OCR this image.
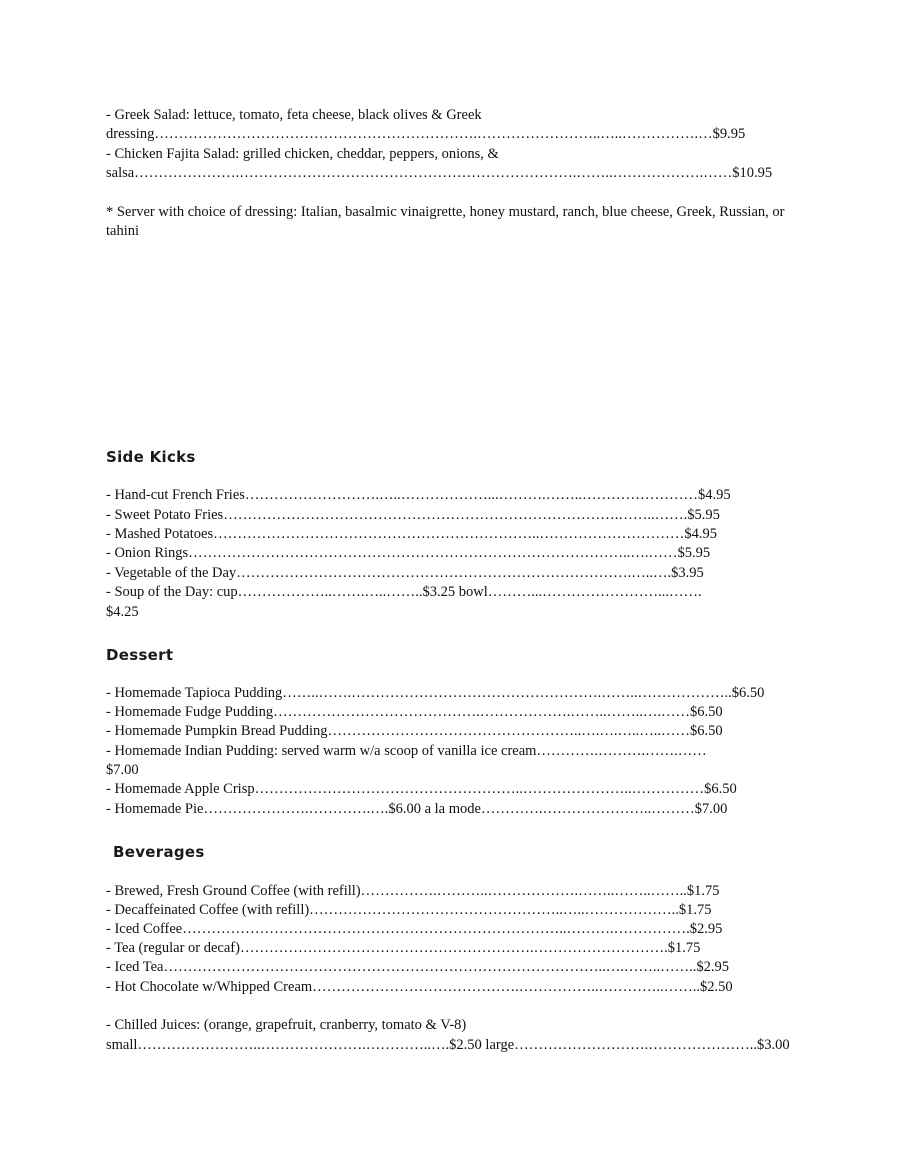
- Greek Salad: lettuce, tomato, feta cheese, black olives & Greek
dressing………………………………………………………….……………………..…..…………….…$9.95
- Chicken Fajita Salad: grilled chicken, cheddar, peppers, onions, &
salsa………………….…………………………………………………………….……..……………….……$10.95
* Server with choice of dressing: Italian, basalmic vinaigrette, honey mustard, ranch, blue cheese, Greek, Russian, or tahini
Side Kicks
- Hand-cut French Fries……………………….…..………………...……….……..……………………$4.95
- Sweet Potato Fries……………………………………………………………………….……..…….$5.95
- Mashed Potatoes…………………………………………………………..…………………………$4.95
- Onion Rings………………………………………………………………………………..….……$5.95
- Vegetable of the Day……………………………………………………………………….…..….$3.95
- Soup of the Day: cup………………..…….…..……..$3.25 bowl………...……………………...…….
$4.25
Dessert
- Homemade Tapioca Pudding……..…….…………………………………………….……..………………..$6.50
- Homemade Fudge Pudding…………………………………….……………….……..……..….……$6.50
- Homemade Pumpkin Bread Pudding……………………………………………..….….…..…..……$6.50
- Homemade Indian Pudding: served warm w/a scoop of vanilla ice cream………….……….…….……
$7.00
- Homemade Apple Crisp………………………………………………..…………………..……………$6.50
- Homemade Pie………………….………….….$6.00 a la mode………….…………………..………$7.00
Beverages
- Brewed, Fresh Ground Coffee (with refill)…………….………..……………….……..……..……..$1.75
- Decaffeinated Coffee (with refill)……………………………………………..…..………………..$1.75
- Iced Coffee……………………………………………………………………..……….…………….$2.95
- Tea (regular or decaf)…………………………………………………….……………………….$1.75
- Iced Tea………………………………………………………………………………..….……..……..$2.95
- Hot Chocolate w/Whipped Cream…………………………………….……………..…………..……..$2.50
- Chilled Juices: (orange, grapefruit, cranberry, tomato & V-8)
small……………………..………………….…………..….$2.50 large……………………….…………………..$3.00
